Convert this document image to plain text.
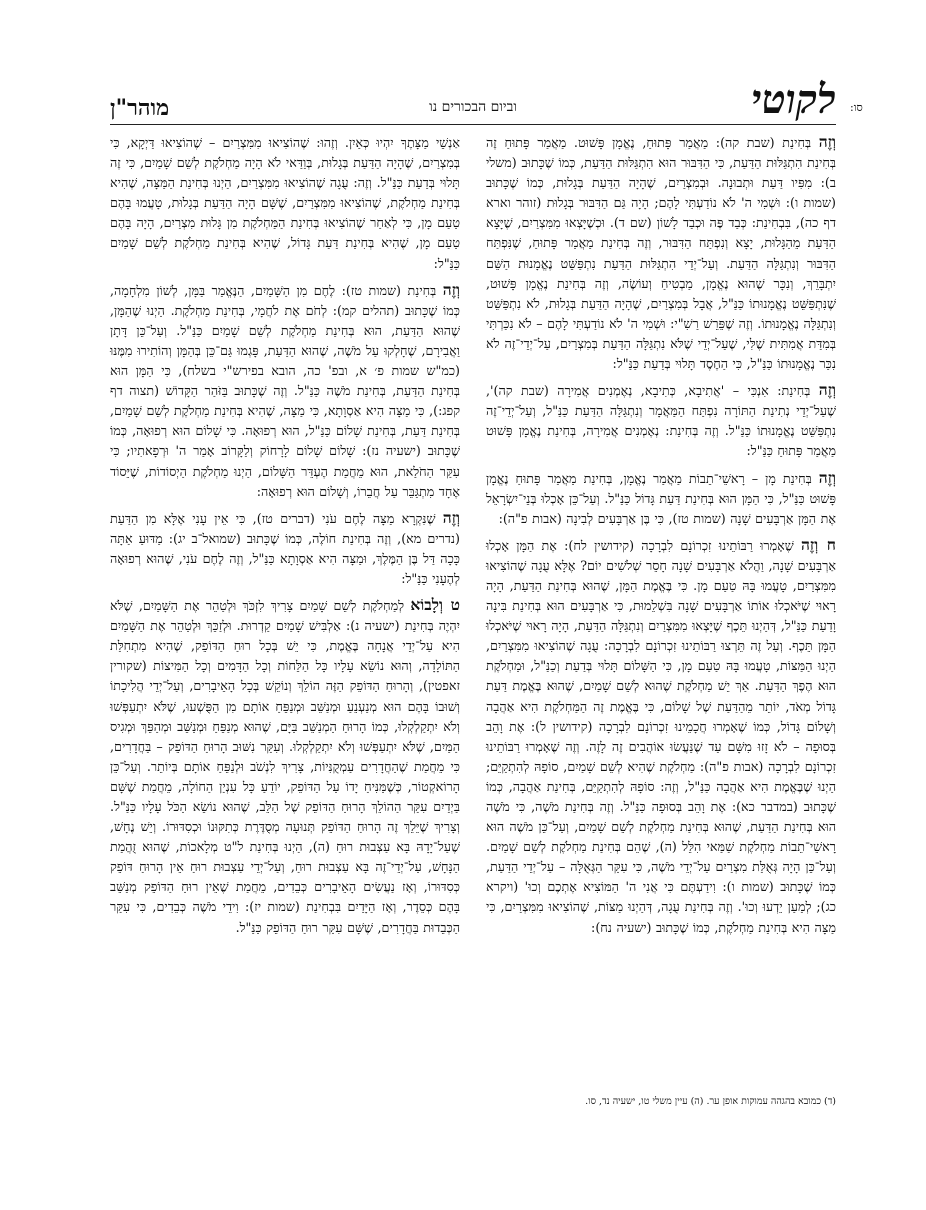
סו:
לקוטי
וביום הבכורים נו
מוהר"ן

וְזֶה בְּחִינַת (שבת קה): מַאֲמַר פָּתוּחַ, נֶאֱמָן פָּשׁוּט. מַאֲמַר פָּתוּחַ זֶה בְּחִינַת הִתְגַּלּוּת הַדַּעַת, כִּי הַדִּבּוּר הוּא הִתְגַּלּוּת הַדַּעַת, כְּמוֹ שֶׁכָּתוּב (משלי ב): מִפִּיו דַּעַת וּתְבוּנָה. וּבְמִצְרַיִם, שֶׁהָיָה הַדַּעַת בְּגָלוּת, כְּמוֹ שֶׁכָּתוּב (שמות ו): וּשְׁמִי ה' לֹא נוֹדַעְתִּי לָהֶם; הָיָה גַּם הַדִּבּוּר בְּגָלוּת (זוהר וארא דף כה), בִּבְחִינַת: כְּבַד פֶּה וּכְבַד לָשׁוֹן (שם ד). וּכְשֶׁיָּצְאוּ מִמִּצְרַיִם, שֶׁיָּצָא הַדַּעַת מֵהַגָּלוּת, יָצָא וְנִפְתַּח הַדִּבּוּר, וְזֶה בְּחִינַת מַאֲמַר פָּתוּחַ, שֶׁנִּפְתַּח הַדִּבּוּר וְנִתְגַּלָּה הַדַּעַת. וְעַל־יְדֵי הִתְגַּלּוּת הַדַּעַת נִתְפַּשֵּׁט נֶאֱמָנוּת הַשֵּׁם יִתְבָּרֵךְ, וְנִכָּר שֶׁהוּא נֶאֱמָן, מַבְטִיחַ וְעוֹשֶׂה, וְזֶה בְּחִינַת נֶאֱמָן פָּשׁוּט, שֶׁנִּתְפַּשֵּׁט נֶאֱמָנוּתוֹ כַּנַּ"ל, אֲבָל בְּמִצְרַיִם, שֶׁהָיָה הַדַּעַת בְּגָלוּת, לֹא נִתְפַּשֵּׁט וְנִתְגַּלָּה נֶאֱמָנוּתוֹ. וְזֶה שֶׁפֵּרֵשׁ רַשִׁ"י: וּשְׁמִי ה' לֹא נוֹדַעְתִּי לָהֶם – לֹא נִכַּרְתִּי בְּמִדַּת אֲמִתִּית שֶׁלִּי, שֶׁעַל־יְדֵי שֶׁלֹּא נִתְגַּלָּה הַדַּעַת בְּמִצְרַיִם, עַל־יְדֵי־זֶה לֹא נִכַּר נֶאֱמָנוּתוֹ כַּנַּ"ל, כִּי הַחֶסֶד תָּלוּי בְּדַעַת כַּנַּ"ל:

וְזֶה בְּחִינַת: אִנְכִּי – 'אֲתִיבָא, כְּתִיבָא, נְאֶמְנִים אֲמִירָה (שבת קה)', שֶׁעַל־יְדֵי נְתִינַת הַתּוֹרָה נִפְתַּח הַמַּאֲמָר וְנִתְגַּלָּה הַדַּעַת כַּנַּ"ל, וְעַל־יְדֵי־זֶה נִתְפַּשֵּׁט נֶאֱמָנוּתוֹ כַּנַּ"ל. וְזֶה בְּחִינַת: נְאֶמְנִים אֲמִירָה, בְּחִינַת נֶאֱמָן פָּשׁוּט מַאֲמַר פָּתוּחַ כַּנַּ"ל:

וְזֶה בְּחִינַת מָן – רָאשֵׁי־תֵבוֹת מַאֲמַר נֶאֱמָן, בְּחִינַת מַאֲמַר פָּתוּחַ נֶאֱמָן פָּשׁוּט כַּנַּ"ל, כִּי הַמָּן הוּא בְּחִינַת דַּעַת גָּדוֹל כַּנַּ"ל. וְעַל־כֵּן אָכְלוּ בְּנֵי־יִשְׂרָאֵל אֶת הַמָּן אַרְבָּעִים שָׁנָה (שמות טז), כִּי בֶּן אַרְבָּעִים לְבִינָה (אבות פ"ה):

ח וְזֶה שֶׁאָמְרוּ רַבּוֹתֵינוּ זִכְרוֹנָם לִבְרָכָה (קידושין לח): אֶת הַמָּן אָכְלוּ אַרְבָּעִים שָׁנָה, וַהֲלֹא אַרְבָּעִים שָׁנָה חָסֵר שְׁלֹשִׁים יוֹם? אֶלָּא עֻגָה שֶׁהוֹצִיאוּ מִמִּצְרַיִם, טָעֲמוּ בָּהּ טַעַם מָן. כִּי בֶּאֱמֶת הַמָּן, שֶׁהוּא בְּחִינַת הַדַּעַת, הָיָה רָאוּי שֶׁיֹּאכְלוּ אוֹתוֹ אַרְבָּעִים שָׁנָה בִּשְׁלֵמוּת, כִּי אַרְבָּעִים הוּא בְּחִינַת בִּינָה וָדַעַת כַּנַּ"ל, דְּהַיְנוּ תֵּכֶף שֶׁיָּצְאוּ מִמִּצְרַיִם וְנִתְגַּלָּה הַדַּעַת, הָיָה רָאוּי שֶׁיֹּאכְלוּ הַמָּן תֵּכֶף. וְעַל זֶה תֵּרְצוּ רַבּוֹתֵינוּ זִכְרוֹנָם לִבְרָכָה: עֻגָה שֶׁהוֹצִיאוּ מִמִּצְרַיִם, הַיְנוּ הַמַּצּוֹת, טָעֲמוּ בָּהּ טַעַם מָן, כִּי הַשָּׁלוֹם תָּלוּי בְּדַעַת וְכַנַּ"ל, וּמַחְלֹקֶת הוּא הֶפֶךְ הַדַּעַת. אַךְ יֵשׁ מַחְלֹקֶת שֶׁהוּא לְשֵׁם שָׁמַיִם, שֶׁהוּא בֶּאֱמֶת דַּעַת גָּדוֹל מְאֹד, יוֹתֵר מֵהַדַּעַת שֶׁל שָׁלוֹם, כִּי בֶּאֱמֶת זֶה הַמַּחְלֹקֶת הִיא אַהֲבָה וְשָׁלוֹם גָּדוֹל, כְּמוֹ שֶׁאָמְרוּ חֲכָמֵינוּ זִכְרוֹנָם לִבְרָכָה (קידושין ל): אֶת וָהֵב בְּסוּפָה – לֹא זָזוּ מִשָּׁם עַד שֶׁנַּעֲשׂוּ אוֹהֲבִים זֶה לָזֶה. וְזֶה שֶׁאָמְרוּ רַבּוֹתֵינוּ זִכְרוֹנָם לִבְרָכָה (אבות פ"ה): מַחְלֹקֶת שֶׁהִיא לְשֵׁם שָׁמַיִם, סוֹפָהּ לְהִתְקַיֵּם; הַיְנוּ שֶׁבֶּאֱמֶת הִיא אַהֲבָה כַּנַּ"ל, וְזֶה: סוֹפָהּ לְהִתְקַיֵּם, בְּחִינַת אַהֲבָה, כְּמוֹ שֶׁכָּתוּב (במדבר כא): אֶת וָהֵב בְּסוּפָה כַּנַּ"ל. וְזֶה בְּחִינַת מֹשֶׁה, כִּי מֹשֶׁה הוּא בְּחִינַת הַדַּעַת, שֶׁהוּא בְּחִינַת מַחְלֹקֶת לְשֵׁם שָׁמַיִם, וְעַל־כֵּן מֹשֶׁה הוּא רָאשֵׁי־תֵבוֹת מַחְלֹקֶת שַׁמַּאי הִלֵּל (ה), שֶׁהֵם בְּחִינַת מַחְלֹקֶת לְשֵׁם שָׁמַיִם. וְעַל־כֵּן הָיָה גְּאֻלַּת מִצְרַיִם עַל־יְדֵי מֹשֶׁה, כִּי עִקַּר הַגְּאֻלָּה – עַל־יְדֵי הַדַּעַת, כְּמוֹ שֶׁכָּתוּב (שמות ו): וִידַעְתֶּם כִּי אֲנִי ה' הַמּוֹצִיא אֶתְכֶם וְכוּ' (ויקרא כג); לְמַעַן יֵדְעוּ וְכוּ'. וְזֶה בְּחִינַת עֻגָה, דְּהַיְנוּ מַצּוֹת, שֶׁהוֹצִיאוּ מִמִּצְרַיִם, כִּי מַצָּה הִיא בְּחִינַת מַחְלֹקֶת, כְּמוֹ שֶׁכָּתוּב (ישעיה נח):

אַנְשֵׁי מַצָּתֶךָ יִהְיוּ כְּאַיִן. וְזֶהוּ: שֶׁהוֹצִיאוּ מִמִּצְרַיִם – שֶׁהוֹצִיאוּ דַּיְקָא, כִּי בְּמִצְרַיִם, שֶׁהָיָה הַדַּעַת בְּגָלוּת, בְּוַדַּאי לֹא הָיָה מַחְלֹקֶת לְשֵׁם שָׁמַיִם, כִּי זֶה תָּלוּי בְּדַעַת כַּנַּ"ל. וְזֶה: עֻגָה שֶׁהוֹצִיאוּ מִמִּצְרַיִם, הַיְנוּ בְּחִינַת הַמַּצָּה, שֶׁהִיא בְּחִינַת מַחְלֹקֶת, שֶׁהוֹצִיאוּ מִמִּצְרַיִם, שֶׁשָּׁם הָיָה הַדַּעַת בְּגָלוּת, טָעֲמוּ בָּהֶם טַעַם מָן, כִּי לְאַחַר שֶׁהוֹצִיאוּ בְּחִינַת הַמַּחְלֹקֶת מִן גָּלוּת מִצְרַיִם, הָיָה בָּהֶם טַעַם מָן, שֶׁהִיא בְּחִינַת דַּעַת גָּדוֹל, שֶׁהִיא בְּחִינַת מַחְלֹקֶת לְשֵׁם שָׁמַיִם כַּנַּ"ל:

וְזֶה בְּחִינַת (שמות טז): לֶחֶם מִן הַשָּׁמַיִם, הַנֶּאֱמַר בַּמָּן, לְשׁוֹן מִלְחָמָה, כְּמוֹ שֶׁכָּתוּב (תהלים קמ): לְחֹם אֶת לֹחֲמָי, בְּחִינַת מַחְלֹקֶת. הַיְנוּ שֶׁהַמָּן, שֶׁהוּא הַדַּעַת, הוּא בְּחִינַת מַחְלֹקֶת לְשֵׁם שָׁמַיִם כַּנַּ"ל. וְעַל־כֵּן דָּתָן וַאֲבִירָם, שֶׁחָלְקוּ עַל מֹשֶׁה, שֶׁהוּא הַדַּעַת, פָּגְמוּ גַּם־כֵּן בְּהַמָּן וְהוֹתִירוּ מִמֶּנּוּ (כמ"ש שמות פ׳ א, ובפ' כה, הובא בפירש"י בשלח), כִּי הַמָּן הוּא בְּחִינַת הַדַּעַת, בְּחִינַת מֹשֶׁה כַּנַּ"ל. וְזֶה שֶׁכָּתוּב בַּזֹּהַר הַקָּדוֹשׁ (תצוה דף קפג:), כִּי מַצָּה הִיא אַסְוָתָא, כִּי מַצָּה, שֶׁהִיא בְּחִינַת מַחְלֹקֶת לְשֵׁם שָׁמַיִם, בְּחִינַת דַּעַת, בְּחִינַת שָׁלוֹם כַּנַּ"ל, הוּא רְפוּאָה. כִּי שָׁלוֹם הוּא רְפוּאָה, כְּמוֹ שֶׁכָּתוּב (ישעיה נז): שָׁלוֹם שָׁלוֹם לָרָחוֹק וְלַקָּרוֹב אָמַר ה' וּרְפָאתִיו; כִּי עִקַּר הַחֹלַאת, הוּא מֵחֲמַת הֶעְדֵּר הַשָּׁלוֹם, הַיְנוּ מַחְלֹקֶת הַיְסוֹדוֹת, שֶׁיֵּסוֹד אֶחָד מִתְגַּבֵּר עַל חֲבֵרוֹ, וְשָׁלוֹם הוּא רְפוּאָה:

וְזֶה שֶׁנִּקְרָא מַצָּה לֶחֶם עֹנִי (דברים טז), כִּי אֵין עָנִי אֶלָּא מִן הַדַּעַת (נדרים מא), וְזֶה בְּחִינַת חוֹלֶה, כְּמוֹ שֶׁכָּתוּב (שמואל־ב יג): מַדּוּעַ אַתָּה כָּכָה דַּל בֶּן הַמֶּלֶךְ, וּמַצָּה הִיא אַסְוָתָא כַּנַּ"ל, וְזֶה לֶחֶם עֹנִי, שֶׁהוּא רְפוּאָה לְהֶעָנִי כַּנַּ"ל:

ט וְלָבוֹא לְמַחְלֹקֶת לְשֵׁם שָׁמַיִם צָרִיךְ לִזְכֹּךְ וּלְטַהֵר אֶת הַשָּׁמַיִם, שֶׁלֹּא יִהְיֶה בְּחִינַת (ישעיה נ): אַלְבִּישׁ שָׁמַיִם קַדְרוּת. וּלְזַכֵּךְ וּלְטַהֵר אֶת הַשָּׁמַיִם הִיא עַל־יְדֵי אֲנָחָה בֶּאֱמֶת, כִּי יֵשׁ בְּכָל רוּחַ הַדּוֹפֵק, שֶׁהִיא מִתְחִלַּת הַתּוֹלָדָה, וְהוּא נוֹשֵׂא עָלָיו כָּל הַלֵּחוֹת וְכָל הַדָּמִים וְכָל הַמִּיצוֹת (שקורין זאפטין), וְהָרוּחַ הַדּוֹפֵק הַזֶּה הוֹלֵךְ וְנוֹקֵשׁ בְּכָל הָאֵיבָרִים, וְעַל־יְדֵי הֲלִיכָתוֹ וְשׁוּבוֹ בָּהֶם הוּא מְנַעְנֵעַ וּמְנַשֵּׁב וּמְנַפֵּחַ אוֹתָם מִן הַפֻּשְׁעוּ, שֶׁלֹּא יִתְעַפְּשׁוּ וְלֹא יִתְקַלְקְלוּ, כְּמוֹ הָרוּחַ הַמְנַשֵּׁב בַּיָּם, שֶׁהוּא מְנַפֵּחַ וּמְנַשֵּׁב וּמְהַפֵּךְ וּמְגִיס הַמַּיִם, שֶׁלֹּא יִתְעַפְּשׁוּ וְלֹא יִתְקַלְקְלוּ. וְעִקַּר נִשּׁוּב הָרוּחַ הַדּוֹפֵק – בַּחֲדָרִים, כִּי מֵחֲמַת שֶׁהַחֲדָרִים עַמְקֻנִּיוֹת, צָרִיךְ לִנְשֹׁב וּלְנַפֵּחַ אוֹתָם בְּיוֹתֵר. וְעַל־כֵּן הָרוֹאקְטוֹר, כְּשֶׁמַּנִּיחַ יָדוֹ עַל הַדּוֹפֵק, יוֹדֵעַ כָּל עִנְיַן הַחוֹלָה, מֵחֲמַת שֶׁשָּׁם בַּיְדַיִם עִקַּר הַהוֹלֵךְ הָרוּחַ הַדּוֹפֵק שֶׁל הַלֵּב, שֶׁהוּא נוֹשֵׂא הַכֹּל עָלָיו כַּנַּ"ל. וְצָרִיךְ שֶׁיֵּלֵךְ זֶה הָרוּחַ הַדּוֹפֵק תְּנוּעָה מְסֻדֶּרֶת כְּתִקּוּנוֹ וּכְסִדּוּרוֹ. וְיֵשׁ נֶחָשׁ, שֶׁעַל־יָדָהּ בָּא עַצְבוּת רוּחַ (ה), הַיְנוּ בְּחִינַת ל"ט מְלָאכוֹת, שֶׁהוּא זֻהֲמַת הַנָּחָשׁ, עַל־יְדֵי־זֶה בָּא עַצְבוּת רוּחַ, וְעַל־יְדֵי עַצְבוּת רוּחַ אֵין הָרוּחַ דּוֹפֵק כְּסִדּוּרוֹ, וְאָז נַעֲשִׂים הָאֵיבָרִים כְּבֵדִים, מֵחֲמַת שֶׁאֵין רוּחַ הַדּוֹפֵק מְנַשֵּׁב בָּהֶם כְּסֵדֶר, וְאָז הַיָּדַיִם בִּבְחִינַת (שמות יז): וִידֵי מֹשֶׁה כְּבֵדִים, כִּי עִקַּר הַכְּבֵדוּת בַּחֲדָרִים, שֶׁשָּׁם עִקַּר רוּחַ הַדּוֹפֵק כַּנַּ"ל.

(ד) כמובא בהגהה עמוקות אופן ער. (ה) עיין משלי טו, ישעיה נד, סו.
